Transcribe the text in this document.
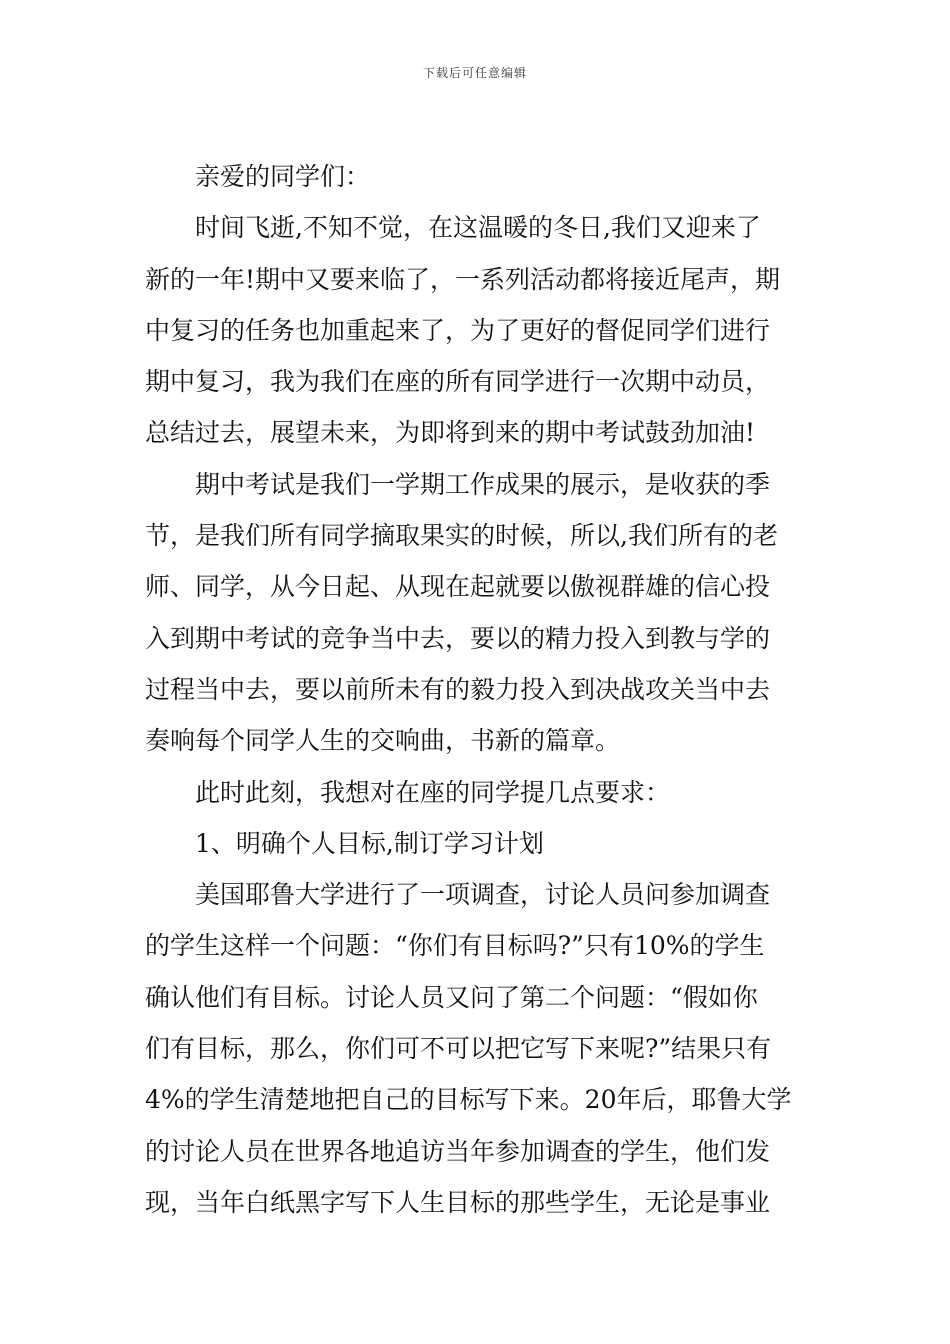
下载后可任意编辑
亲爱的同学们：
时间飞逝,不知不觉，在这温暖的冬日,我们又迎来了
新的一年!期中又要来临了，一系列活动都将接近尾声，期
中复习的任务也加重起来了，为了更好的督促同学们进行
期中复习，我为我们在座的所有同学进行一次期中动员，
总结过去，展望未来，为即将到来的期中考试鼓劲加油!
期中考试是我们一学期工作成果的展示，是收获的季
节，是我们所有同学摘取果实的时候，所以,我们所有的老
师、同学，从今日起、从现在起就要以傲视群雄的信心投
入到期中考试的竞争当中去，要以的精力投入到教与学的
过程当中去，要以前所未有的毅力投入到决战攻关当中去
奏响每个同学人生的交响曲，书新的篇章。
此时此刻，我想对在座的同学提几点要求：
1、明确个人目标,制订学习计划
美国耶鲁大学进行了一项调查，讨论人员问参加调查
的学生这样一个问题：“你们有目标吗?”只有10%的学生
确认他们有目标。讨论人员又问了第二个问题：“假如你
们有目标，那么，你们可不可以把它写下来呢?”结果只有
4%的学生清楚地把自己的目标写下来。20年后，耶鲁大学
的讨论人员在世界各地追访当年参加调查的学生，他们发
现，当年白纸黑字写下人生目标的那些学生，无论是事业
